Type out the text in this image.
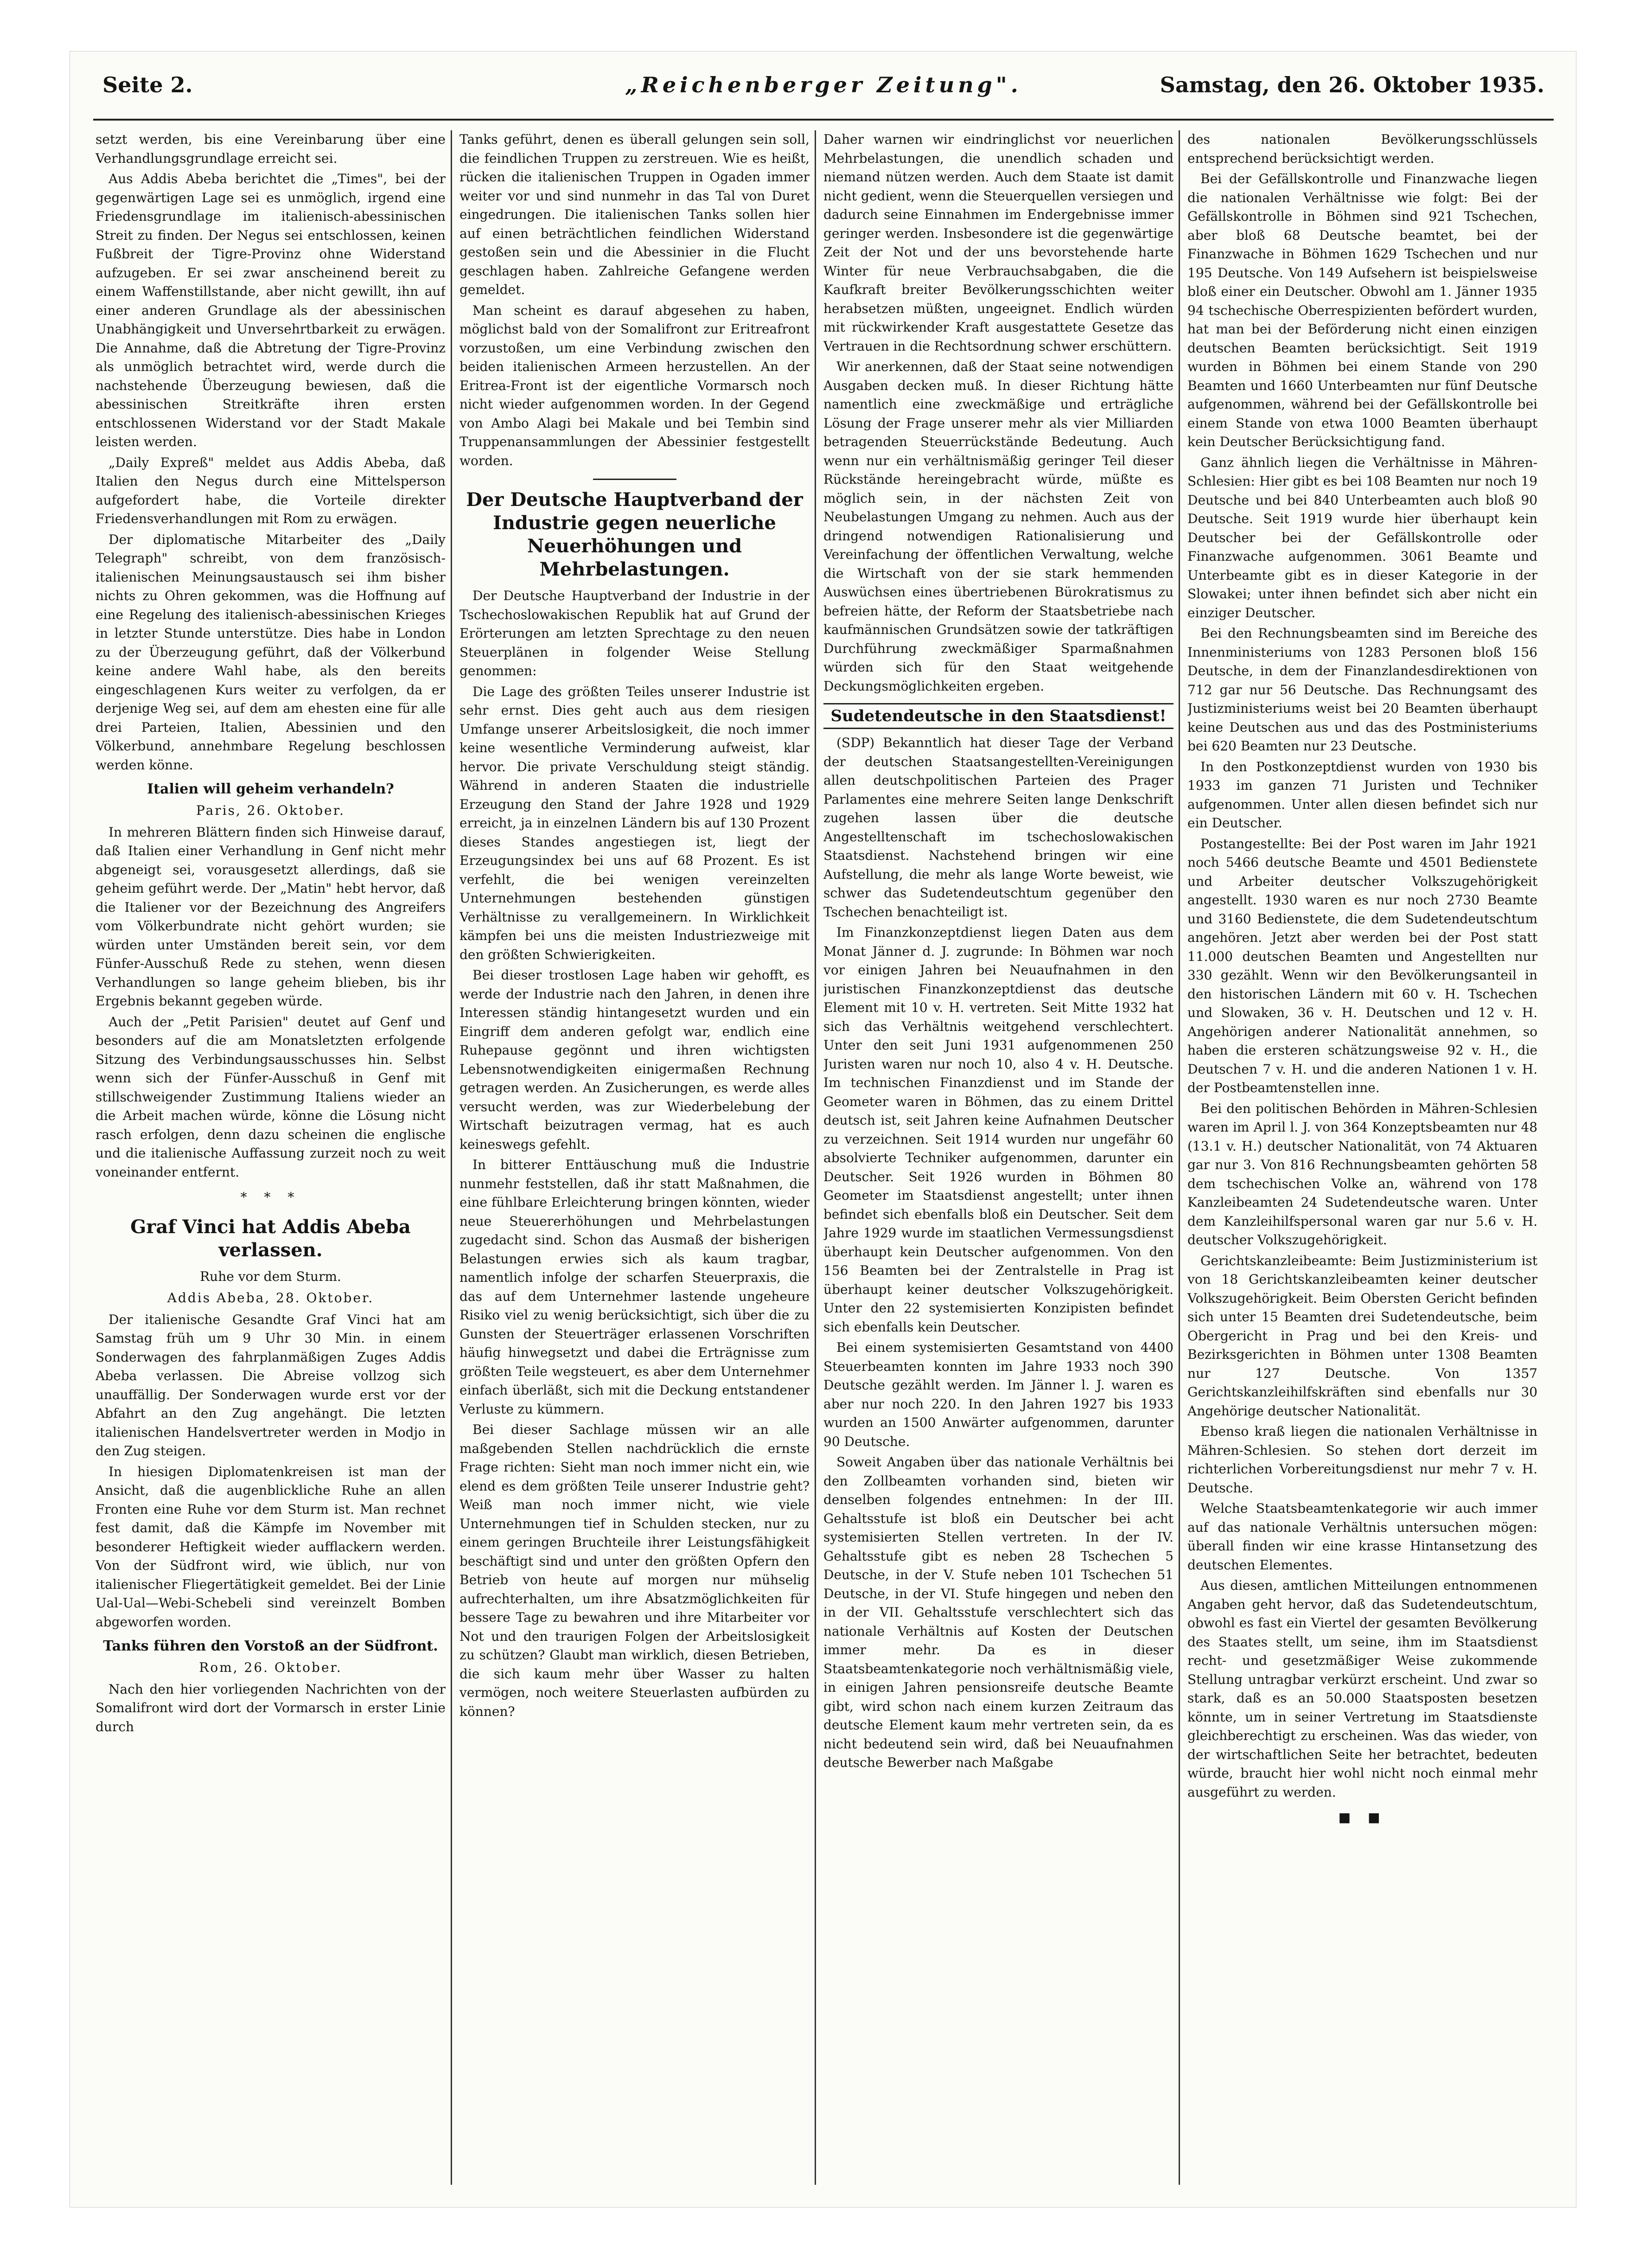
Seite 2.	„Reichenberger Zeitung".	Samstag, den 26. Oktober 1935.

setzt werden, bis eine Vereinbarung über eine Verhandlungsgrundlage erreicht sei.

Aus Addis Abeba berichtet die „Times", bei der gegenwärtigen Lage sei es unmöglich, irgend eine Friedensgrundlage im italienisch-abessinischen Streit zu finden. Der Negus sei entschlossen, keinen Fußbreit der Tigre-Provinz ohne Widerstand aufzugeben. Er sei zwar anscheinend bereit zu einem Waffenstillstande, aber nicht gewillt, ihn auf einer anderen Grundlage als der abessinischen Unabhängigkeit und Unversehrtbarkeit zu erwägen. Die Annahme, daß die Abtretung der Tigre-Provinz als unmöglich betrachtet wird, werde durch die nachstehende Überzeugung bewiesen, daß die abessinischen Streitkräfte ihren ersten entschlossenen Widerstand vor der Stadt Makale leisten werden.

„Daily Expreß" meldet aus Addis Abeba, daß Italien den Negus durch eine Mittelsperson aufgefordert habe, die Vorteile direkter Friedensverhandlungen mit Rom zu erwägen.

Der diplomatische Mitarbeiter des „Daily Telegraph" schreibt, von dem französisch-italienischen Meinungsaustausch sei ihm bisher nichts zu Ohren gekommen, was die Hoffnung auf eine Regelung des italienisch-abessinischen Krieges in letzter Stunde unterstütze. Dies habe in London zu der Überzeugung geführt, daß der Völkerbund keine andere Wahl habe, als den bereits eingeschlagenen Kurs weiter zu verfolgen, da er derjenige Weg sei, auf dem am ehesten eine für alle drei Parteien, Italien, Abessinien und den Völkerbund, annehmbare Regelung beschlossen werden könne.

Italien will geheim verhandeln?
Paris, 26. Oktober.

In mehreren Blättern finden sich Hinweise darauf, daß Italien einer Verhandlung in Genf nicht mehr abgeneigt sei, vorausgesetzt allerdings, daß sie geheim geführt werde. Der „Matin" hebt hervor, daß die Italiener vor der Bezeichnung des Angreifers vom Völkerbundrate nicht gehört wurden; sie würden unter Umständen bereit sein, vor dem Fünfer-Ausschuß Rede zu stehen, wenn diesen Verhandlungen so lange geheim blieben, bis ihr Ergebnis bekannt gegeben würde.

Auch der „Petit Parisien" deutet auf Genf und besonders auf die am Monatsletzten erfolgende Sitzung des Verbindungsausschusses hin. Selbst wenn sich der Fünfer-Ausschuß in Genf mit stillschweigender Zustimmung Italiens wieder an die Arbeit machen würde, könne die Lösung nicht rasch erfolgen, denn dazu scheinen die englische und die italienische Auffassung zurzeit noch zu weit voneinander entfernt.

* * *
Graf Vinci hat Addis Abeba verlassen.
Ruhe vor dem Sturm.
Addis Abeba, 28. Oktober.

Der italienische Gesandte Graf Vinci hat am Samstag früh um 9 Uhr 30 Min. in einem Sonderwagen des fahrplanmäßigen Zuges Addis Abeba verlassen. Die Abreise vollzog sich unauffällig. Der Sonderwagen wurde erst vor der Abfahrt an den Zug angehängt. Die letzten italienischen Handelsvertreter werden in Modjo in den Zug steigen.

In hiesigen Diplomatenkreisen ist man der Ansicht, daß die augenblickliche Ruhe an allen Fronten eine Ruhe vor dem Sturm ist. Man rechnet fest damit, daß die Kämpfe im November mit besonderer Heftigkeit wieder aufflackern werden. Von der Südfront wird, wie üblich, nur von italienischer Fliegertätigkeit gemeldet. Bei der Linie Ual-Ual—Webi-Schebeli sind vereinzelt Bomben abgeworfen worden.

Tanks führen den Vorstoß an der Südfront.
Rom, 26. Oktober.

Nach den hier vorliegenden Nachrichten von der Somalifront wird dort der Vormarsch in erster Linie durch

Tanks geführt, denen es überall gelungen sein soll, die feindlichen Truppen zu zerstreuen. Wie es heißt, rücken die italienischen Truppen in Ogaden immer weiter vor und sind nunmehr in das Tal von Duret eingedrungen. Die italienischen Tanks sollen hier auf einen beträchtlichen feindlichen Widerstand gestoßen sein und die Abessinier in die Flucht geschlagen haben. Zahlreiche Gefangene werden gemeldet.

Man scheint es darauf abgesehen zu haben, möglichst bald von der Somalifront zur Eritreafront vorzustoßen, um eine Verbindung zwischen den beiden italienischen Armeen herzustellen. An der Eritrea-Front ist der eigentliche Vormarsch noch nicht wieder aufgenommen worden. In der Gegend von Ambo Alagi bei Makale und bei Tembin sind Truppenansammlungen der Abessinier festgestellt worden.

Der Deutsche Hauptverband der Industrie gegen neuerliche Neuerhöhungen und Mehrbelastungen.

Der Deutsche Hauptverband der Industrie in der Tschechoslowakischen Republik hat auf Grund der Erörterungen am letzten Sprechtage zu den neuen Steuerplänen in folgender Weise Stellung genommen:

Die Lage des größten Teiles unserer Industrie ist sehr ernst. Dies geht auch aus dem riesigen Umfange unserer Arbeitslosigkeit, die noch immer keine wesentliche Verminderung aufweist, klar hervor. Die private Verschuldung steigt ständig. Während in anderen Staaten die industrielle Erzeugung den Stand der Jahre 1928 und 1929 erreicht, ja in einzelnen Ländern bis auf 130 Prozent dieses Standes angestiegen ist, liegt der Erzeugungsindex bei uns auf 68 Prozent. Es ist verfehlt, die bei wenigen vereinzelten Unternehmungen bestehenden günstigen Verhältnisse zu verallgemeinern. In Wirklichkeit kämpfen bei uns die meisten Industriezweige mit den größten Schwierigkeiten.

Bei dieser trostlosen Lage haben wir gehofft, es werde der Industrie nach den Jahren, in denen ihre Interessen ständig hintangesetzt wurden und ein Eingriff dem anderen gefolgt war, endlich eine Ruhepause gegönnt und ihren wichtigsten Lebensnotwendigkeiten einigermaßen Rechnung getragen werden. An Zusicherungen, es werde alles versucht werden, was zur Wiederbelebung der Wirtschaft beizutragen vermag, hat es auch keineswegs gefehlt.

In bitterer Enttäuschung muß die Industrie nunmehr feststellen, daß ihr statt Maßnahmen, die eine fühlbare Erleichterung bringen könnten, wieder neue Steuererhöhungen und Mehrbelastungen zugedacht sind. Schon das Ausmaß der bisherigen Belastungen erwies sich als kaum tragbar, namentlich infolge der scharfen Steuerpraxis, die das auf dem Unternehmer lastende ungeheure Risiko viel zu wenig berücksichtigt, sich über die zu Gunsten der Steuerträger erlassenen Vorschriften häufig hinwegsetzt und dabei die Erträgnisse zum größten Teile wegsteuert, es aber dem Unternehmer einfach überläßt, sich mit die Deckung entstandener Verluste zu kümmern.

Bei dieser Sachlage müssen wir an alle maßgebenden Stellen nachdrücklich die ernste Frage richten: Sieht man noch immer nicht ein, wie elend es dem größten Teile unserer Industrie geht? Weiß man noch immer nicht, wie viele Unternehmungen tief in Schulden stecken, nur zu einem geringen Bruchteile ihrer Leistungsfähigkeit beschäftigt sind und unter den größten Opfern den Betrieb von heute auf morgen nur mühselig aufrechterhalten, um ihre Absatzmöglichkeiten für bessere Tage zu bewahren und ihre Mitarbeiter vor Not und den traurigen Folgen der Arbeitslosigkeit zu schützen? Glaubt man wirklich, diesen Betrieben, die sich kaum mehr über Wasser zu halten vermögen, noch weitere Steuerlasten aufbürden zu können?

Daher warnen wir eindringlichst vor neuerlichen Mehrbelastungen, die unendlich schaden und niemand nützen werden. Auch dem Staate ist damit nicht gedient, wenn die Steuerquellen versiegen und dadurch seine Einnahmen im Endergebnisse immer geringer werden. Insbesondere ist die gegenwärtige Zeit der Not und der uns bevorstehende harte Winter für neue Verbrauchsabgaben, die die Kaufkraft breiter Bevölkerungsschichten weiter herabsetzen müßten, ungeeignet. Endlich würden mit rückwirkender Kraft ausgestattete Gesetze das Vertrauen in die Rechtsordnung schwer erschüttern.

Wir anerkennen, daß der Staat seine notwendigen Ausgaben decken muß. In dieser Richtung hätte namentlich eine zweckmäßige und erträgliche Lösung der Frage unserer mehr als vier Milliarden betragenden Steuerrückstände Bedeutung. Auch wenn nur ein verhältnismäßig geringer Teil dieser Rückstände hereingebracht würde, müßte es möglich sein, in der nächsten Zeit von Neubelastungen Umgang zu nehmen. Auch aus der dringend notwendigen Rationalisierung und Vereinfachung der öffentlichen Verwaltung, welche die Wirtschaft von der sie stark hemmenden Auswüchsen eines übertriebenen Bürokratismus zu befreien hätte, der Reform der Staatsbetriebe nach kaufmännischen Grundsätzen sowie der tatkräftigen Durchführung zweckmäßiger Sparmaßnahmen würden sich für den Staat weitgehende Deckungsmöglichkeiten ergeben.

Sudetendeutsche in den Staatsdienst!

(SDP) Bekanntlich hat dieser Tage der Verband der deutschen Staatsangestellten-Vereinigungen allen deutschpolitischen Parteien des Prager Parlamentes eine mehrere Seiten lange Denkschrift zugehen lassen über die deutsche Angestelltenschaft im tschechoslowakischen Staatsdienst. Nachstehend bringen wir eine Aufstellung, die mehr als lange Worte beweist, wie schwer das Sudetendeutschtum gegenüber den Tschechen benachteiligt ist.

Im Finanzkonzeptdienst liegen Daten aus dem Monat Jänner d. J. zugrunde: In Böhmen war noch vor einigen Jahren bei Neuaufnahmen in den juristischen Finanzkonzeptdienst das deutsche Element mit 10 v. H. vertreten. Seit Mitte 1932 hat sich das Verhältnis weitgehend verschlechtert. Unter den seit Juni 1931 aufgenommenen 250 Juristen waren nur noch 10, also 4 v. H. Deutsche. Im technischen Finanzdienst und im Stande der Geometer waren in Böhmen, das zu einem Drittel deutsch ist, seit Jahren keine Aufnahmen Deutscher zu verzeichnen. Seit 1914 wurden nur ungefähr 60 absolvierte Techniker aufgenommen, darunter ein Deutscher. Seit 1926 wurden in Böhmen 80 Geometer im Staatsdienst angestellt; unter ihnen befindet sich ebenfalls bloß ein Deutscher. Seit dem Jahre 1929 wurde im staatlichen Vermessungsdienst überhaupt kein Deutscher aufgenommen. Von den 156 Beamten bei der Zentralstelle in Prag ist überhaupt keiner deutscher Volkszugehörigkeit. Unter den 22 systemisierten Konzipisten befindet sich ebenfalls kein Deutscher.

Bei einem systemisierten Gesamtstand von 4400 Steuerbeamten konnten im Jahre 1933 noch 390 Deutsche gezählt werden. Im Jänner l. J. waren es aber nur noch 220. In den Jahren 1927 bis 1933 wurden an 1500 Anwärter aufgenommen, darunter 90 Deutsche.

Soweit Angaben über das nationale Verhältnis bei den Zollbeamten vorhanden sind, bieten wir denselben folgendes entnehmen: In der III. Gehaltsstufe ist bloß ein Deutscher bei acht systemisierten Stellen vertreten. In der IV. Gehaltsstufe gibt es neben 28 Tschechen 5 Deutsche, in der V. Stufe neben 101 Tschechen 51 Deutsche, in der VI. Stufe hingegen und neben den in der VII. Gehaltsstufe verschlechtert sich das nationale Verhältnis auf Kosten der Deutschen immer mehr. Da es in dieser Staatsbeamtenkategorie noch verhältnismäßig viele, in einigen Jahren pensionsreife deutsche Beamte gibt, wird schon nach einem kurzen Zeitraum das deutsche Element kaum mehr vertreten sein, da es nicht bedeutend sein wird, daß bei Neuaufnahmen deutsche Bewerber nach Maßgabe

des nationalen Bevölkerungsschlüssels entsprechend berücksichtigt werden.

Bei der Gefällskontrolle und Finanzwache liegen die nationalen Verhältnisse wie folgt: Bei der Gefällskontrolle in Böhmen sind 921 Tschechen, aber bloß 68 Deutsche beamtet, bei der Finanzwache in Böhmen 1629 Tschechen und nur 195 Deutsche. Von 149 Aufsehern ist beispielsweise bloß einer ein Deutscher. Obwohl am 1. Jänner 1935 94 tschechische Oberrespizienten befördert wurden, hat man bei der Beförderung nicht einen einzigen deutschen Beamten berücksichtigt. Seit 1919 wurden in Böhmen bei einem Stande von 290 Beamten und 1660 Unterbeamten nur fünf Deutsche aufgenommen, während bei der Gefällskontrolle bei einem Stande von etwa 1000 Beamten überhaupt kein Deutscher Berücksichtigung fand.

Ganz ähnlich liegen die Verhältnisse in Mähren-Schlesien: Hier gibt es bei 108 Beamten nur noch 19 Deutsche und bei 840 Unterbeamten auch bloß 90 Deutsche. Seit 1919 wurde hier überhaupt kein Deutscher bei der Gefällskontrolle oder Finanzwache aufgenommen. 3061 Beamte und Unterbeamte gibt es in dieser Kategorie in der Slowakei; unter ihnen befindet sich aber nicht ein einziger Deutscher.

Bei den Rechnungsbeamten sind im Bereiche des Innenministeriums von 1283 Personen bloß 156 Deutsche, in dem der Finanzlandesdirektionen von 712 gar nur 56 Deutsche. Das Rechnungsamt des Justizministeriums weist bei 20 Beamten überhaupt keine Deutschen aus und das des Postministeriums bei 620 Beamten nur 23 Deutsche.

In den Postkonzeptdienst wurden von 1930 bis 1933 im ganzen 71 Juristen und Techniker aufgenommen. Unter allen diesen befindet sich nur ein Deutscher.

Postangestellte: Bei der Post waren im Jahr 1921 noch 5466 deutsche Beamte und 4501 Bedienstete und Arbeiter deutscher Volkszugehörigkeit angestellt. 1930 waren es nur noch 2730 Beamte und 3160 Bedienstete, die dem Sudetendeutschtum angehören. Jetzt aber werden bei der Post statt 11.000 deutschen Beamten und Angestellten nur 330 gezählt. Wenn wir den Bevölkerungsanteil in den historischen Ländern mit 60 v. H. Tschechen und Slowaken, 36 v. H. Deutschen und 12 v. H. Angehörigen anderer Nationalität annehmen, so haben die ersteren schätzungsweise 92 v. H., die Deutschen 7 v. H. und die anderen Nationen 1 v. H. der Postbeamtenstellen inne.

Bei den politischen Behörden in Mähren-Schlesien waren im April l. J. von 364 Konzeptsbeamten nur 48 (13.1 v. H.) deutscher Nationalität, von 74 Aktuaren gar nur 3. Von 816 Rechnungsbeamten gehörten 58 dem tschechischen Volke an, während von 178 Kanzleibeamten 24 Sudetendeutsche waren. Unter dem Kanzleihilfspersonal waren gar nur 5.6 v. H. deutscher Volkszugehörigkeit.

Gerichtskanzleibeamte: Beim Justizministerium ist von 18 Gerichtskanzleibeamten keiner deutscher Volkszugehörigkeit. Beim Obersten Gericht befinden sich unter 15 Beamten drei Sudetendeutsche, beim Obergericht in Prag und bei den Kreis- und Bezirksgerichten in Böhmen unter 1308 Beamten nur 127 Deutsche. Von 1357 Gerichtskanzleihilfskräften sind ebenfalls nur 30 Angehörige deutscher Nationalität.

Ebenso kraß liegen die nationalen Verhältnisse in Mähren-Schlesien. So stehen dort derzeit im richterlichen Vorbereitungsdienst nur mehr 7 v. H. Deutsche.

Welche Staatsbeamtenkategorie wir auch immer auf das nationale Verhältnis untersuchen mögen: überall finden wir eine krasse Hintansetzung des deutschen Elementes.

Aus diesen, amtlichen Mitteilungen entnommenen Angaben geht hervor, daß das Sudetendeutschtum, obwohl es fast ein Viertel der gesamten Bevölkerung des Staates stellt, um seine, ihm im Staatsdienst recht- und gesetzmäßiger Weise zukommende Stellung untragbar verkürzt erscheint. Und zwar so stark, daß es an 50.000 Staatsposten besetzen könnte, um in seiner Vertretung im Staatsdienste gleichberechtigt zu erscheinen. Was das wieder, von der wirtschaftlichen Seite her betrachtet, bedeuten würde, braucht hier wohl nicht noch einmal mehr ausgeführt zu werden.

■ ■
